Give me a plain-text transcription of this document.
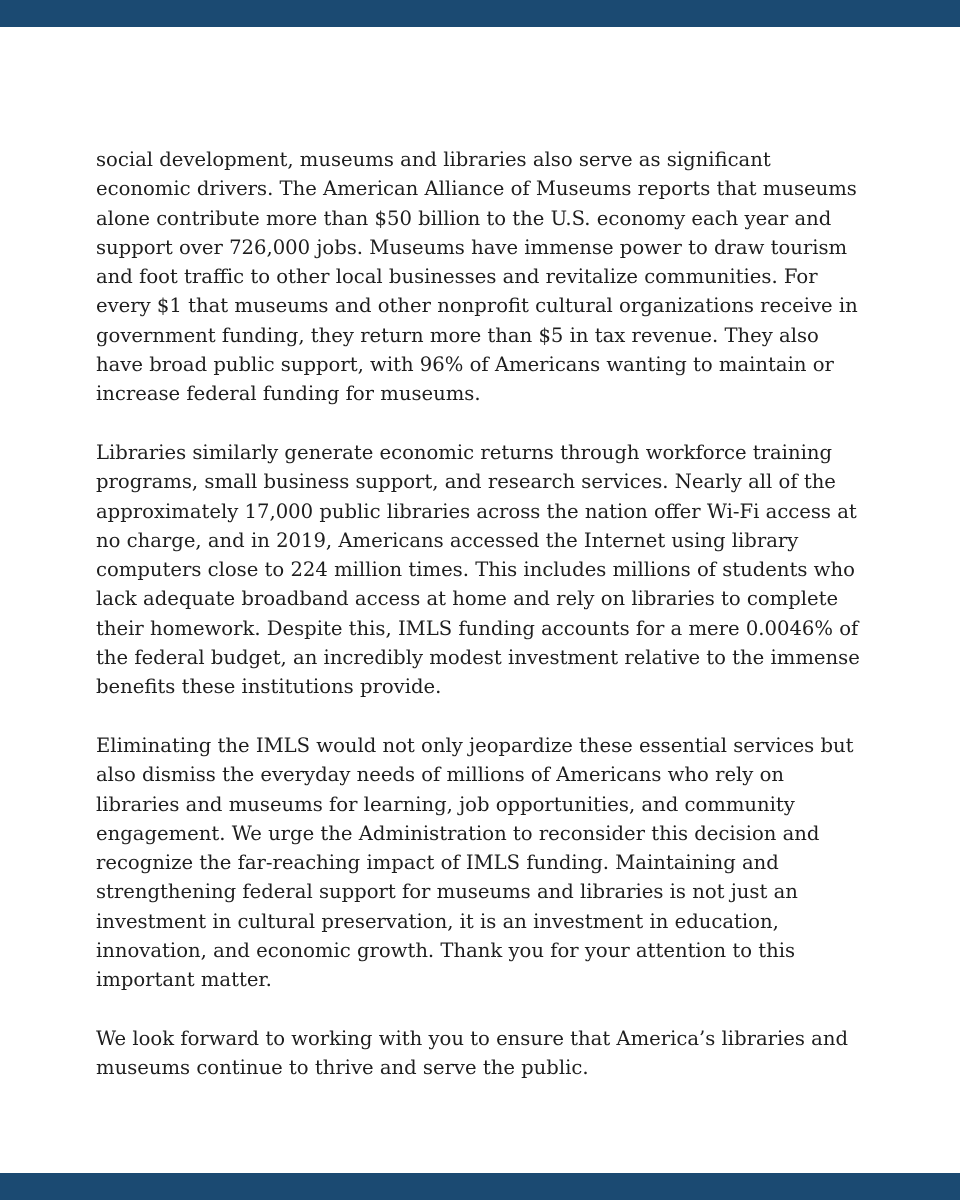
social development, museums and libraries also serve as significant economic drivers. The American Alliance of Museums reports that museums alone contribute more than $50 billion to the U.S. economy each year and support over 726,000 jobs. Museums have immense power to draw tourism and foot traffic to other local businesses and revitalize communities. For every $1 that museums and other nonprofit cultural organizations receive in government funding, they return more than $5 in tax revenue. They also have broad public support, with 96% of Americans wanting to maintain or increase federal funding for museums.

Libraries similarly generate economic returns through workforce training programs, small business support, and research services. Nearly all of the approximately 17,000 public libraries across the nation offer Wi-Fi access at no charge, and in 2019, Americans accessed the Internet using library computers close to 224 million times. This includes millions of students who lack adequate broadband access at home and rely on libraries to complete their homework. Despite this, IMLS funding accounts for a mere 0.0046% of the federal budget, an incredibly modest investment relative to the immense benefits these institutions provide.

Eliminating the IMLS would not only jeopardize these essential services but also dismiss the everyday needs of millions of Americans who rely on libraries and museums for learning, job opportunities, and community engagement. We urge the Administration to reconsider this decision and recognize the far-reaching impact of IMLS funding. Maintaining and strengthening federal support for museums and libraries is not just an investment in cultural preservation, it is an investment in education, innovation, and economic growth. Thank you for your attention to this important matter.

We look forward to working with you to ensure that America’s libraries and museums continue to thrive and serve the public.
